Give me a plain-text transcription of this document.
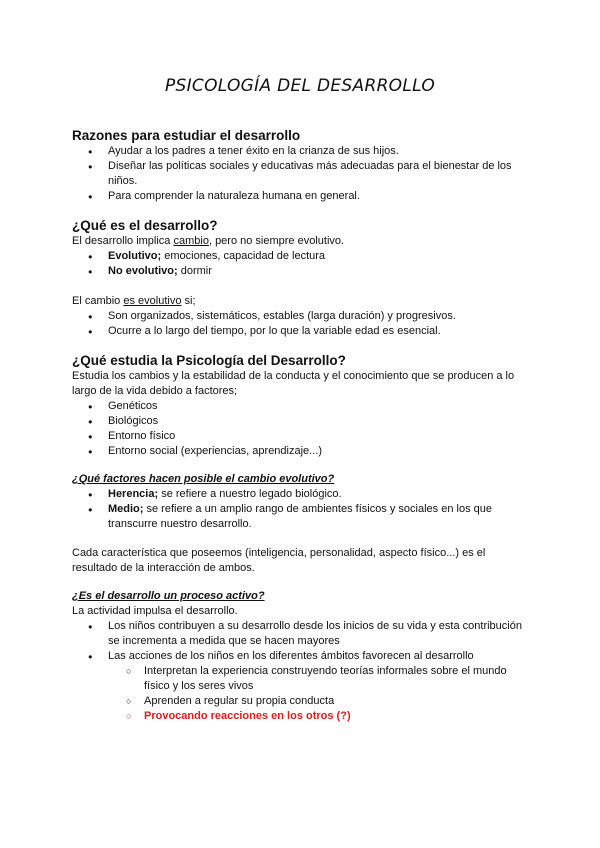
PSICOLOGÍA DEL DESARROLLO

Razones para estudiar el desarrollo

● Ayudar a los padres a tener éxito en la crianza de sus hijos.
● Diseñar las políticas sociales y educativas más adecuadas para el bienestar de los niños.
● Para comprender la naturaleza humana en general.

¿Qué es el desarrollo?

El desarrollo implica cambio, pero no siempre evolutivo.

● Evolutivo; emociones, capacidad de lectura
● No evolutivo; dormir

El cambio es evolutivo si;

● Son organizados, sistemáticos, estables (larga duración) y progresivos.
● Ocurre a lo largo del tiempo, por lo que la variable edad es esencial.

¿Qué estudia la Psicología del Desarrollo?

Estudia los cambios y la estabilidad de la conducta y el conocimiento que se producen a lo largo de la vida debido a factores;

● Genéticos
● Biológicos
● Entorno físico
● Entorno social (experiencias, aprendizaje...)

¿Qué factores hacen posible el cambio evolutivo?

● Herencia; se refiere a nuestro legado biológico.
● Medio; se refiere a un amplio rango de ambientes físicos y sociales en los que transcurre nuestro desarrollo.

Cada característica que poseemos (inteligencia, personalidad, aspecto físico...) es el resultado de la interacción de ambos.

¿Es el desarrollo un proceso activo?

La actividad impulsa el desarrollo.

● Los niños contribuyen a su desarrollo desde los inicios de su vida y esta contribución se incrementa a medida que se hacen mayores
● Las acciones de los niños en los diferentes ámbitos favorecen al desarrollo
○ Interpretan la experiencia construyendo teorías informales sobre el mundo físico y los seres vivos
○ Aprenden a regular su propia conducta
○ Provocando reacciones en los otros (?)
